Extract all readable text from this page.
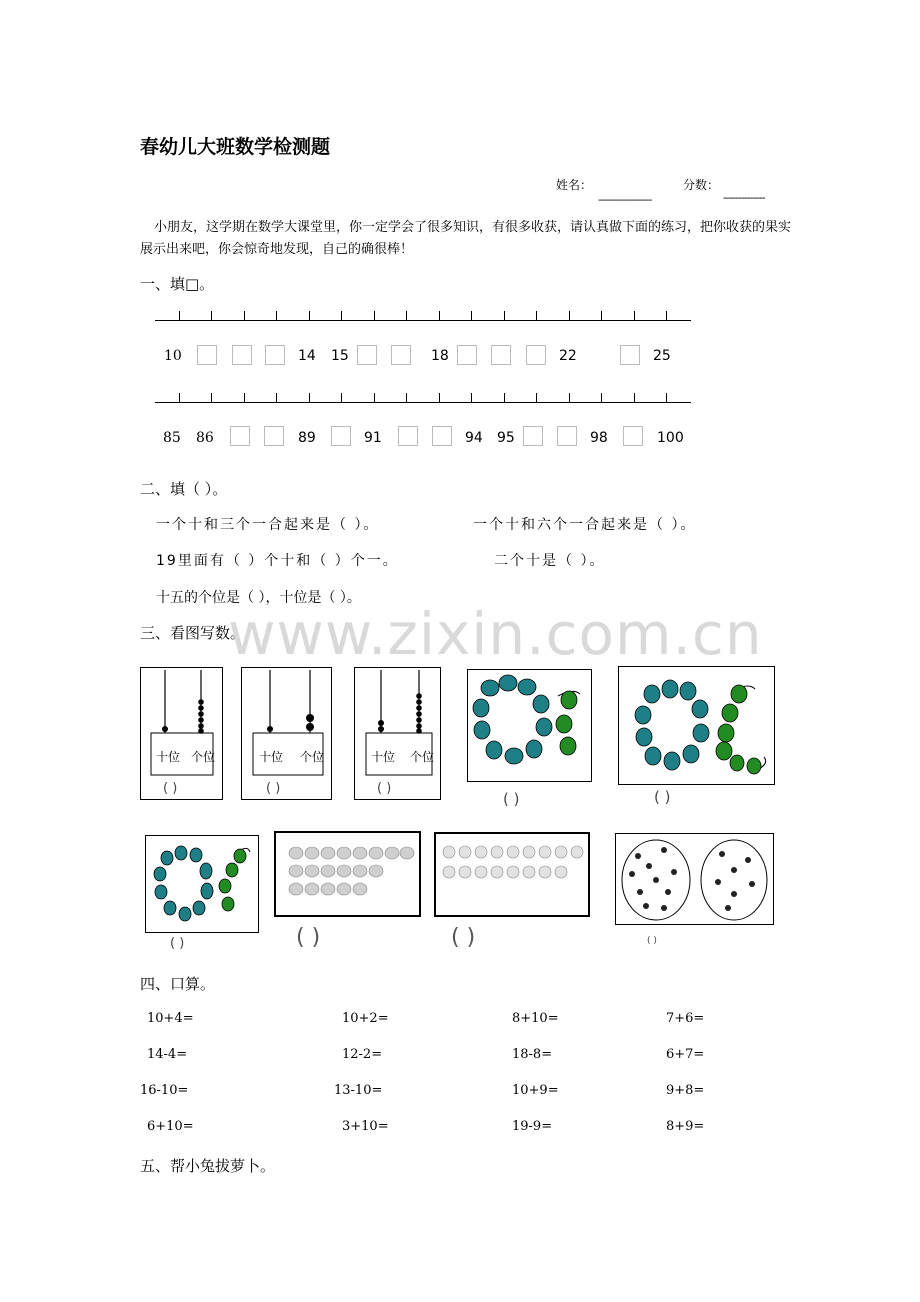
春幼儿大班数学检测题
姓名：	分数：
------------------	--------------
小朋友，这学期在数学大课堂里，你一定学会了很多知识，有很多收获，请认真做下面的练习，把你收获的果实展示出来吧，你会惊奇地发现，自己的确很棒！
一、填□。
10	14 15	18	22	25
85 86	89	91	94 95	98	100
二、填（ ）。
一个十和三个一合起来是（ ）。	一个十和六个一合起来是（ ）。
19里面有（ ）个十和（ ）个一。	二个十是（ ）。
十五的个位是（ ），十位是（ ）。
三、看图写数。
www.zixin.com.cn
十位 个位
( )
十位 个位
( )
十位 个位
( )
( )	( )
( )	( )	( )	( )
四、口算。
10+4=	10+2=	8+10=	7+6=
14-4=	12-2=	18-8=	6+7=
16-10=	13-10=	10+9=	9+8=
6+10=	3+10=	19-9=	8+9=
五、帮小兔拔萝卜。
